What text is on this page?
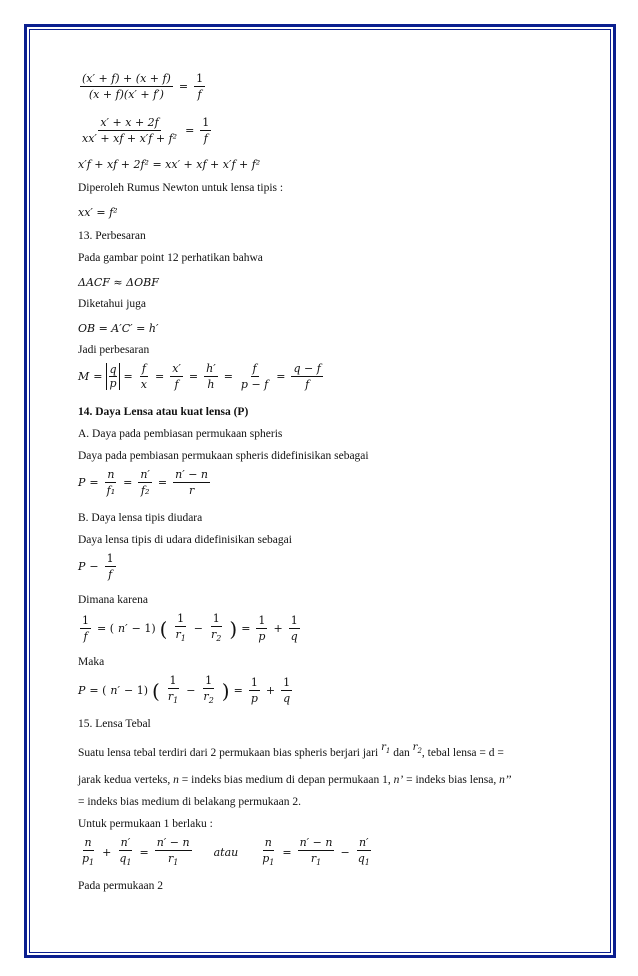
$\frac{(x' + f) + (x + f)}{(x + f)(x' + f')} = \frac{1}{f}$
$\frac{x' + x + 2f}{\text{xx′ + xf + x′f + f²}} = \frac{1}{f}$
x′f + xf + 2f² = xx′ + xf + x′f + f²
Diperoleh Rumus Newton untuk lensa tipis :
xx′ = f²
13. Perbesaran
Pada gambar point 12 perhatikan bahwa
ΔACF ≈ ΔOBF
Diketahui juga
OB = A′C′ = h′
Jadi perbesaran
$M = \frac{q}{p} = \frac{f}{x} = \frac{x'}{f} = \frac{h'}{h} = \frac{f}{p - f} = \frac{q - f}{f}$
14. Daya Lensa atau kuat lensa (P)
A. Daya pada pembiasan permukaan spheris
Daya pada pembiasan permukaan spheris didefinisikan sebagai
$P = \frac{n}{\text{f₁}} = \frac{n'}{\text{f₂}} = \frac{n' - n}{r}$
B. Daya lensa tipis diudara
Daya lensa tipis di udara didefinisikan sebagai
$P - \frac{1}{f}$
Dimana karena
$\frac{1}{f}$ = ( n′ − 1) ( $\frac{1}{r_1} - \frac{1}{r_2}$ ) = $\frac{1}{p} + \frac{1}{q}$
Maka
P = ( n′ − 1) ( $\frac{1}{r_1} - \frac{1}{r_2}$ ) = $\frac{1}{p} + \frac{1}{q}$
15. Lensa Tebal
Suatu lensa tebal terdiri dari 2 permukaan bias spheris berjari jari $r_1$ dan $r_2$, tebal lensa = d =
jarak kedua verteks, n = indeks bias medium di depan permukaan 1, n’ = indeks bias lensa, n’’
= indeks bias medium di belakang permukaan 2.
Untuk permukaan 1 berlaku :
$\frac{n}{p_1} + \frac{n'}{q_1} = \frac{n' - n}{r_1}$ atau $\frac{n}{p_1} = \frac{n' - n}{r_1} - \frac{n'}{q_1}$
Pada permukaan 2
